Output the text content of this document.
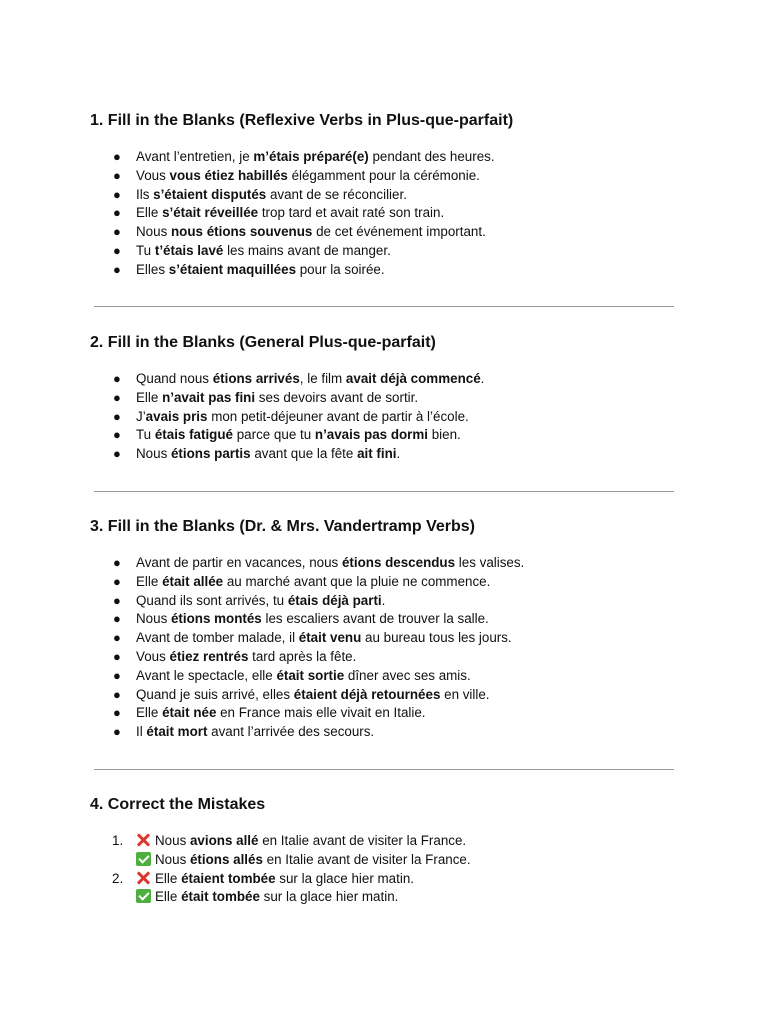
1. Fill in the Blanks (Reflexive Verbs in Plus-que-parfait)
● Avant l’entretien, je m’étais préparé(e) pendant des heures.
● Vous vous étiez habillés élégamment pour la cérémonie.
● Ils s’étaient disputés avant de se réconcilier.
● Elle s’était réveillée trop tard et avait raté son train.
● Nous nous étions souvenus de cet événement important.
● Tu t’étais lavé les mains avant de manger.
● Elles s’étaient maquillées pour la soirée.
2. Fill in the Blanks (General Plus-que-parfait)
● Quand nous étions arrivés, le film avait déjà commencé.
● Elle n’avait pas fini ses devoirs avant de sortir.
● J’avais pris mon petit-déjeuner avant de partir à l’école.
● Tu étais fatigué parce que tu n’avais pas dormi bien.
● Nous étions partis avant que la fête ait fini.
3. Fill in the Blanks (Dr. & Mrs. Vandertramp Verbs)
● Avant de partir en vacances, nous étions descendus les valises.
● Elle était allée au marché avant que la pluie ne commence.
● Quand ils sont arrivés, tu étais déjà parti.
● Nous étions montés les escaliers avant de trouver la salle.
● Avant de tomber malade, il était venu au bureau tous les jours.
● Vous étiez rentrés tard après la fête.
● Avant le spectacle, elle était sortie dîner avec ses amis.
● Quand je suis arrivé, elles étaient déjà retournées en ville.
● Elle était née en France mais elle vivait en Italie.
● Il était mort avant l’arrivée des secours.
4. Correct the Mistakes
1.	Nous avions allé en Italie avant de visiter la France.
Nous étions allés en Italie avant de visiter la France.
2.	Elle étaient tombée sur la glace hier matin.
Elle était tombée sur la glace hier matin.
